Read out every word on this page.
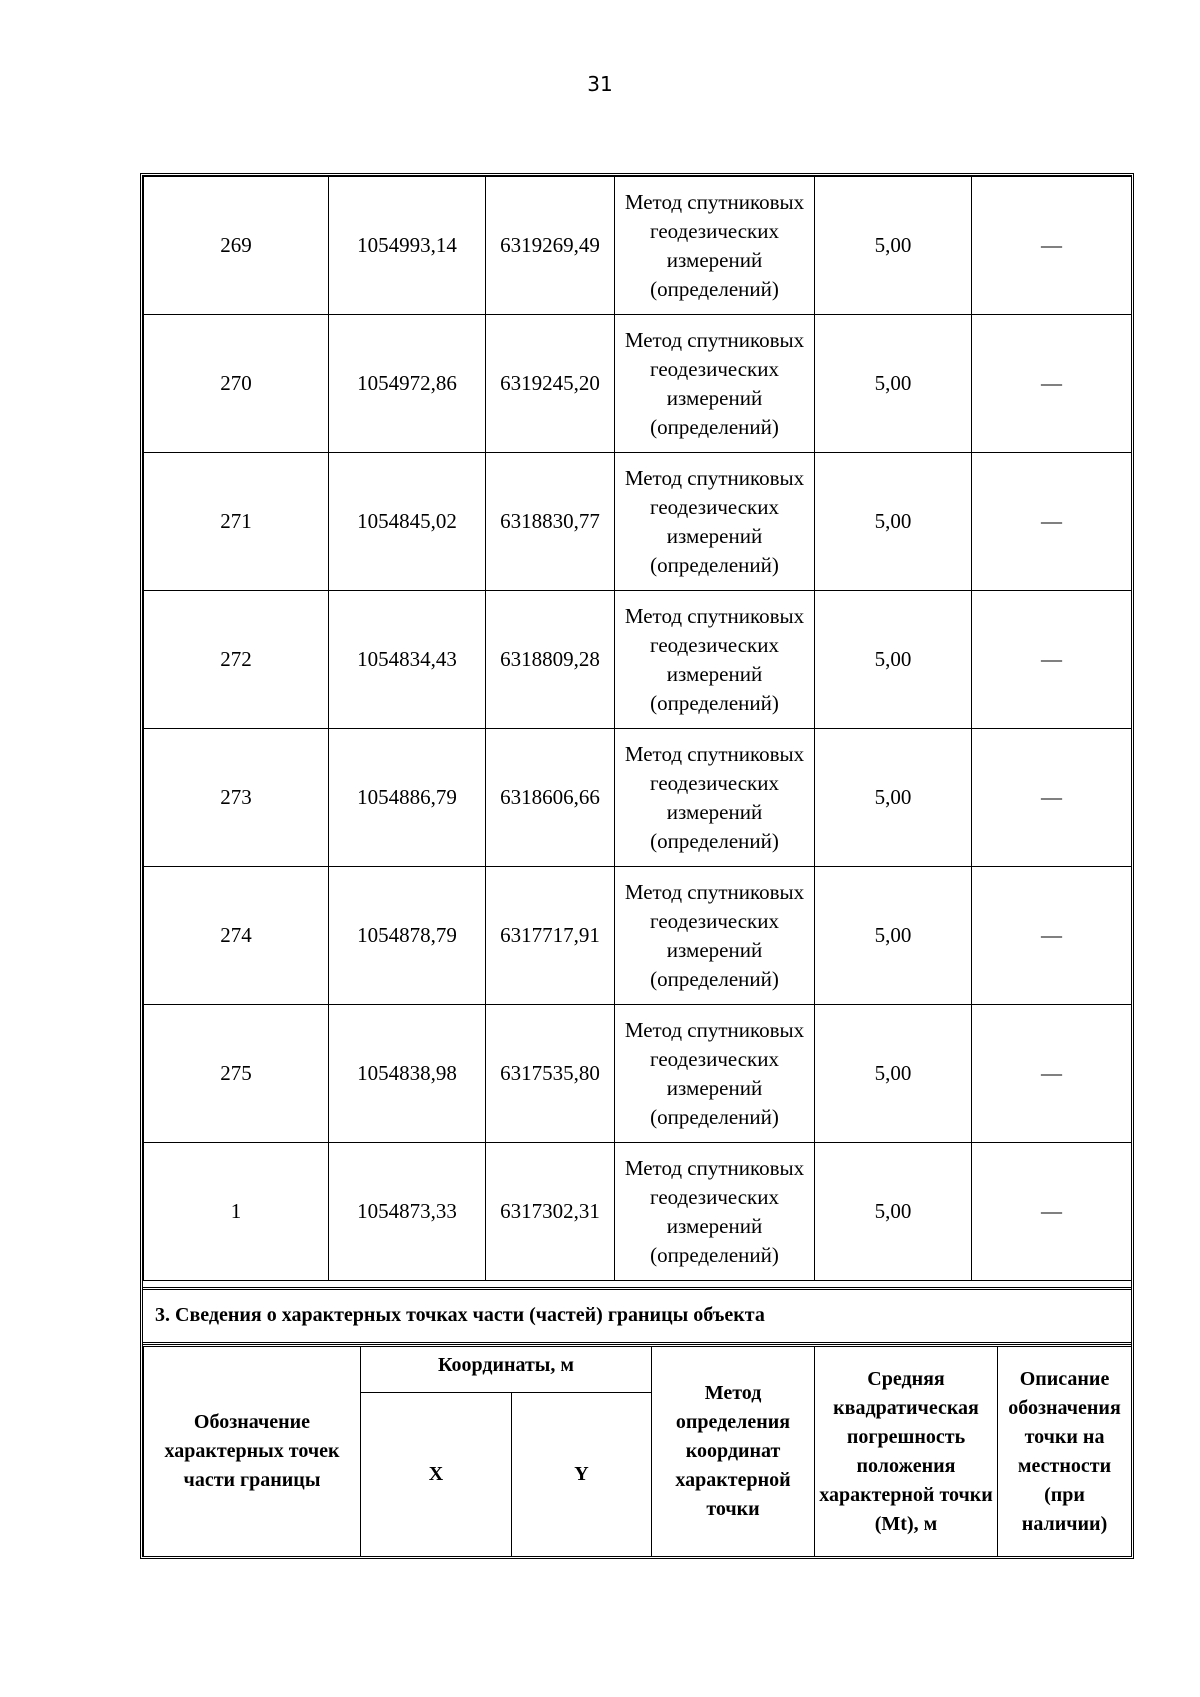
31
269	1054993,14	6319269,49	Метод спутниковых геодезических измерений (определений)	5,00	—
270	1054972,86	6319245,20	Метод спутниковых геодезических измерений (определений)	5,00	—
271	1054845,02	6318830,77	Метод спутниковых геодезических измерений (определений)	5,00	—
272	1054834,43	6318809,28	Метод спутниковых геодезических измерений (определений)	5,00	—
273	1054886,79	6318606,66	Метод спутниковых геодезических измерений (определений)	5,00	—
274	1054878,79	6317717,91	Метод спутниковых геодезических измерений (определений)	5,00	—
275	1054838,98	6317535,80	Метод спутниковых геодезических измерений (определений)	5,00	—
1	1054873,33	6317302,31	Метод спутниковых геодезических измерений (определений)	5,00	—
3. Сведения о характерных точках части (частей) границы объекта
Обозначение характерных точек части границы	Координаты, м		Метод определения координат характерной точки	Средняя квадратическая погрешность положения характерной точки (Mt), м	Описание обозначения точки на местности (при наличии)
	X	Y			
